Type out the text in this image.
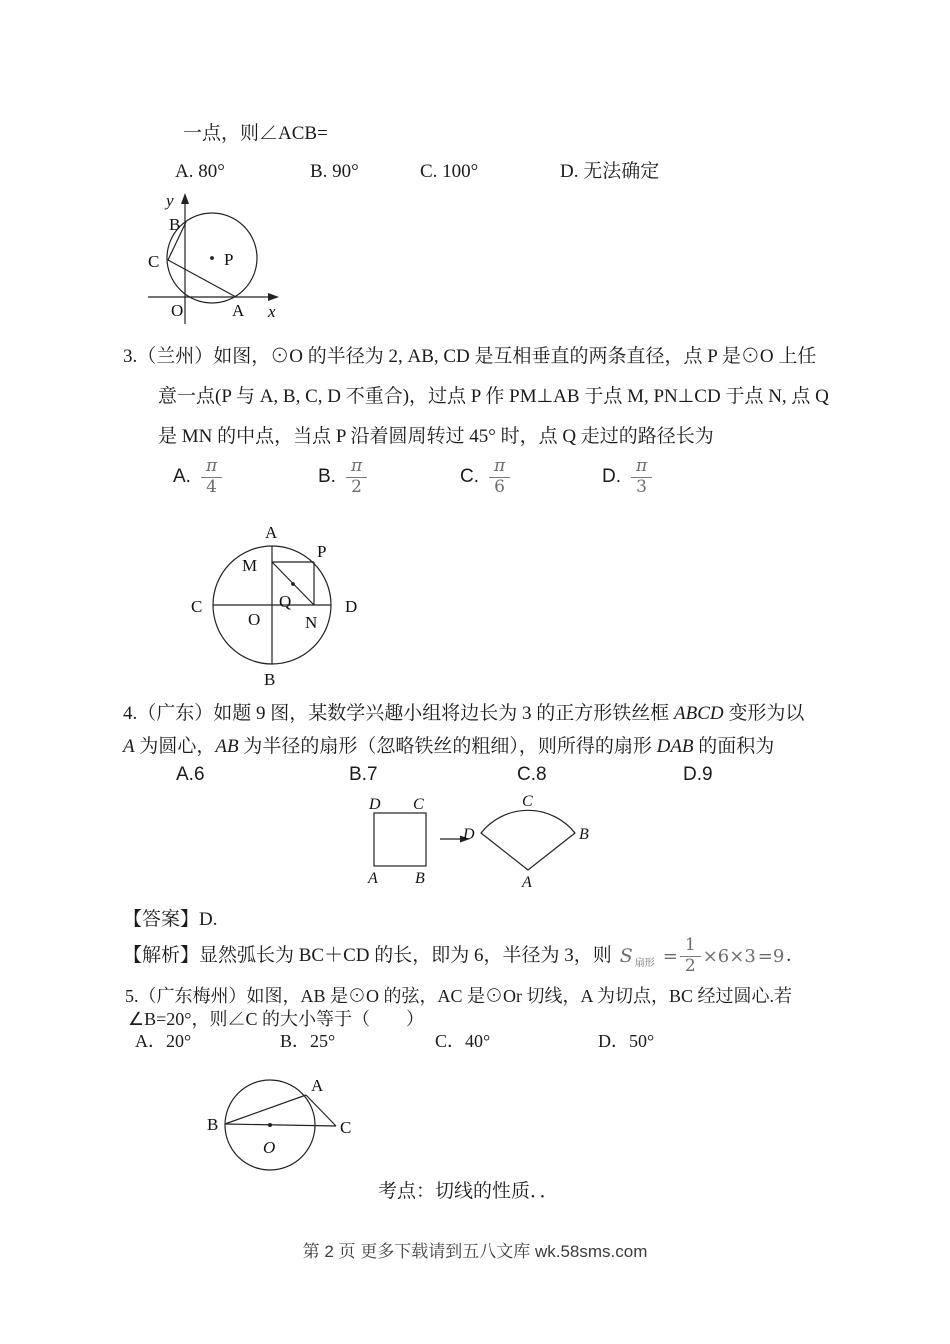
一点，则∠ACB=
A. 80°	B. 90°	C. 100°	D. 无法确定
y
B
C	P
O	A x
3.（兰州）如图，⊙O 的半径为 2, AB, CD 是互相垂直的两条直径，点 P 是⊙O 上任
意一点(P 与 A, B, C, D 不重合)，过点 P 作 PM⊥AB 于点 M, PN⊥CD 于点 N, 点 Q
是 MN 的中点，当点 P 沿着圆周转过 45° 时，点 Q 走过的路径长为
A. $\frac{\pi}{4}$	B. $\frac{\pi}{2}$	C. $\frac{\pi}{6}$	D. $\frac{\pi}{3}$
A
B
C	D
O
M
P
N
Q
4.（广东）如题 9 图，某数学兴趣小组将边长为 3 的正方形铁丝框 ABCD 变形为以
A 为圆心，AB 为半径的扇形（忽略铁丝的粗细），则所得的扇形 DAB 的面积为
A.6	B.7	C.8	D.9
D C
A B
C
D	B
A
【答案】D.
【解析】显然弧长为 BC＋CD 的长，即为 6，半径为 3，则 S 扇形 = $\frac{1}{2} \times 6\times 3 =9$ .
5.（广东梅州）如图，AB 是⊙O 的弦，AC 是⊙Or 切线，A 为切点，BC 经过圆心.若
∠B=20°，则∠C 的大小等于（　　）
A．20°	B．25°	C．40°	D．50°
B
A
C
O
考点：切线的性质．．
第 2 页 更多下载请到五八文库 wk.58sms.com
